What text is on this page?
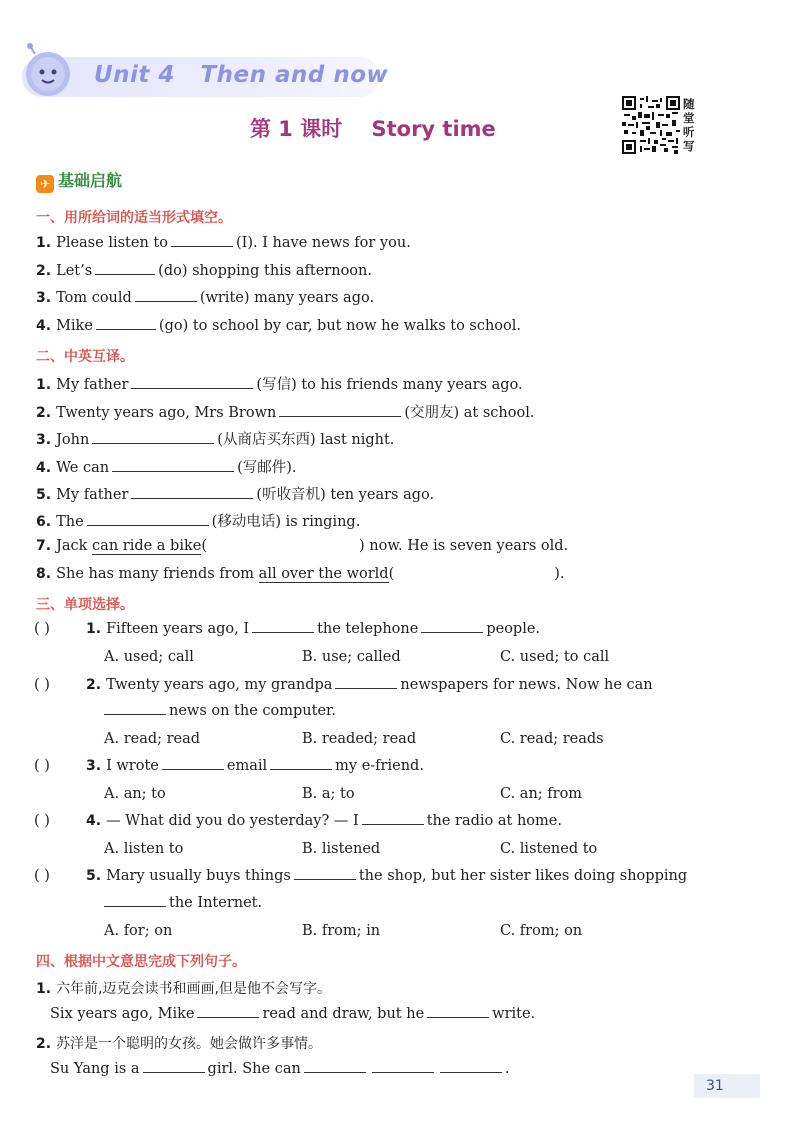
Unit 4   Then and now
第 1 课时    Story time
随堂听写
✈ 基础启航
一、用所给词的适当形式填空。
1. Please listen to	(I). I have news for you.
2. Let’s	(do) shopping this afternoon.
3. Tom could	(write) many years ago.
4. Mike	(go) to school by car, but now he walks to school.
二、中英互译。
1. My father	(写信) to his friends many years ago.
2. Twenty years ago, Mrs Brown	(交朋友) at school.
3. John	(从商店买东西) last night.
4. We can	(写邮件).
5. My father	(听收音机) ten years ago.
6. The	(移动电话) is ringing.
7. Jack can ride a bike(	) now. He is seven years old.
8. She has many friends from all over the world(	).
三、单项选择。
( )	1. Fifteen years ago, I	the telephone	people.
A. used; call	B. use; called	C. used; to call
( )	2. Twenty years ago, my grandpa	newspapers for news. Now he can
news on the computer.
A. read; read	B. readed; read	C. read; reads
( )	3. I wrote	email	my e-friend.
A. an; to	B. a; to	C. an; from
( )	4. — What did you do yesterday? — I	the radio at home.
A. listen to	B. listened	C. listened to
( )	5. Mary usually buys things	the shop, but her sister likes doing shopping
the Internet.
A. for; on	B. from; in	C. from; on
四、根据中文意思完成下列句子。
1. 六年前,迈克会读书和画画,但是他不会写字。
Six years ago, Mike	read and draw, but he	write.
2. 苏洋是一个聪明的女孩。她会做许多事情。
Su Yang is a	girl. She can	.
31
